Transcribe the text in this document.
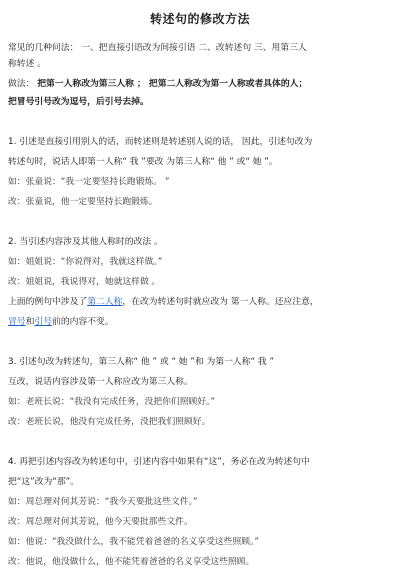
转述句的修改方法
常见的几种问法： 一、把直接引语改为间接引语 二、改转述句 三、用第三人
称转述 。
做法： 把第一人称改为第三人称 ； 把第二人称改为第一人称或者具体的人；
把冒号引号改为逗号，后引号去掉。
1. 引述是直接引用别人的话，而转述则是转述别人说的话， 因此，引述句改为
转述句时，说话人即第一人称“ 我 ”要改 为第三人称“ 他 ” 或“ 她 ”。
如：张童说：“我一定要坚持长跑锻炼。 ”
改：张童说，他一定要坚持长跑锻炼。
2. 当引述内容涉及其他人称时的改法 。
如：姐姐说：“你说得对，我就这样做。”
改：姐姐说，我说得对，她就这样做 。
上面的例句中涉及了第二人称，在改为转述句时就应改为 第一人称。还应注意，
冒号和引号前的内容不变。
3. 引述句改为转述句，第三人称“ 他 ” 或 “ 她 ”和 为第一人称“ 我 ”
互改，说话内容涉及第一人称应改为第三人称。
如：老班长说：“我没有完成任务，没把你们照顾好。”
改：老班长说，他没有完成任务，没把我们照顾好。
4. 再把引述内容改为转述句中，引述内容中如果有“这”，务必在改为转述句中
把“这”改为“那”。
如：周总理对何其芳说：“我今天要批这些文件。”
改：周总理对何其芳说，他今天要批那些文件。
如：他说：“我没做什么，我不能凭着爸爸的名义享受这些照顾。”
改：他说，他没做什么，他不能凭着爸爸的名义享受这些照顾。
